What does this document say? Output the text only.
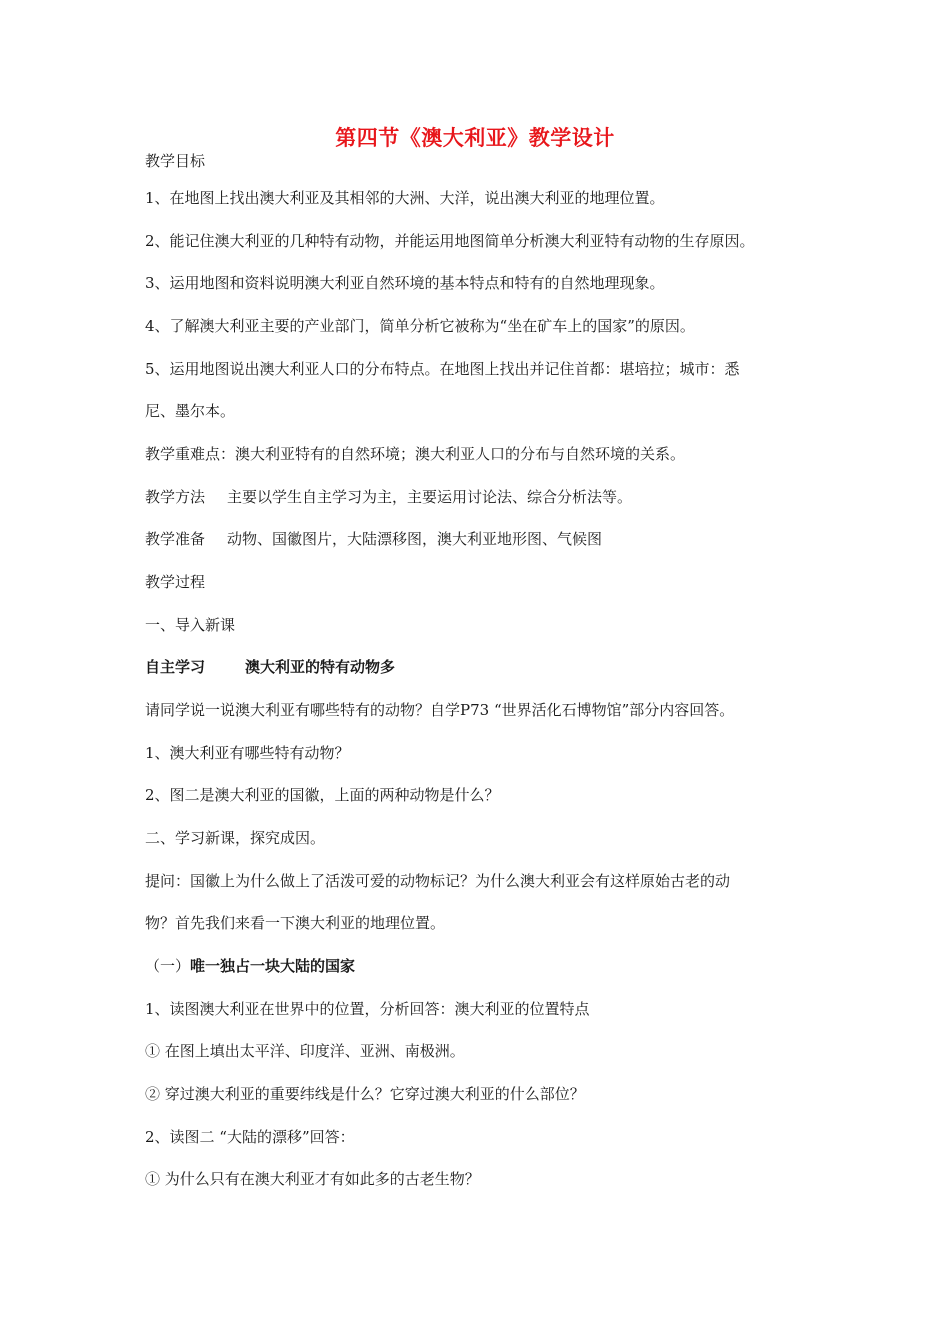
第四节《澳大利亚》教学设计
教学目标
1、在地图上找出澳大利亚及其相邻的大洲、大洋，说出澳大利亚的地理位置。
2、能记住澳大利亚的几种特有动物，并能运用地图简单分析澳大利亚特有动物的生存原因。
3、运用地图和资料说明澳大利亚自然环境的基本特点和特有的自然地理现象。
4、了解澳大利亚主要的产业部门，简单分析它被称为“坐在矿车上的国家”的原因。
5、运用地图说出澳大利亚人口的分布特点。在地图上找出并记住首都：堪培拉；城市：悉
尼、墨尔本。
教学重难点：澳大利亚特有的自然环境；澳大利亚人口的分布与自然环境的关系。
教学方法 主要以学生自主学习为主，主要运用讨论法、综合分析法等。
教学准备 动物、国徽图片，大陆漂移图，澳大利亚地形图、气候图
教学过程
一、导入新课
自主学习	澳大利亚的特有动物多
请同学说一说澳大利亚有哪些特有的动物？自学P73 “世界活化石博物馆”部分内容回答。
1、澳大利亚有哪些特有动物？
2、图二是澳大利亚的国徽，上面的两种动物是什么？
二、学习新课，探究成因。
提问：国徽上为什么做上了活泼可爱的动物标记？为什么澳大利亚会有这样原始古老的动
物？首先我们来看一下澳大利亚的地理位置。
（一）唯一独占一块大陆的国家
1、读图澳大利亚在世界中的位置，分析回答：澳大利亚的位置特点
① 在图上填出太平洋、印度洋、亚洲、南极洲。
② 穿过澳大利亚的重要纬线是什么？它穿过澳大利亚的什么部位？
2、读图二 “大陆的漂移”回答：
① 为什么只有在澳大利亚才有如此多的古老生物？
